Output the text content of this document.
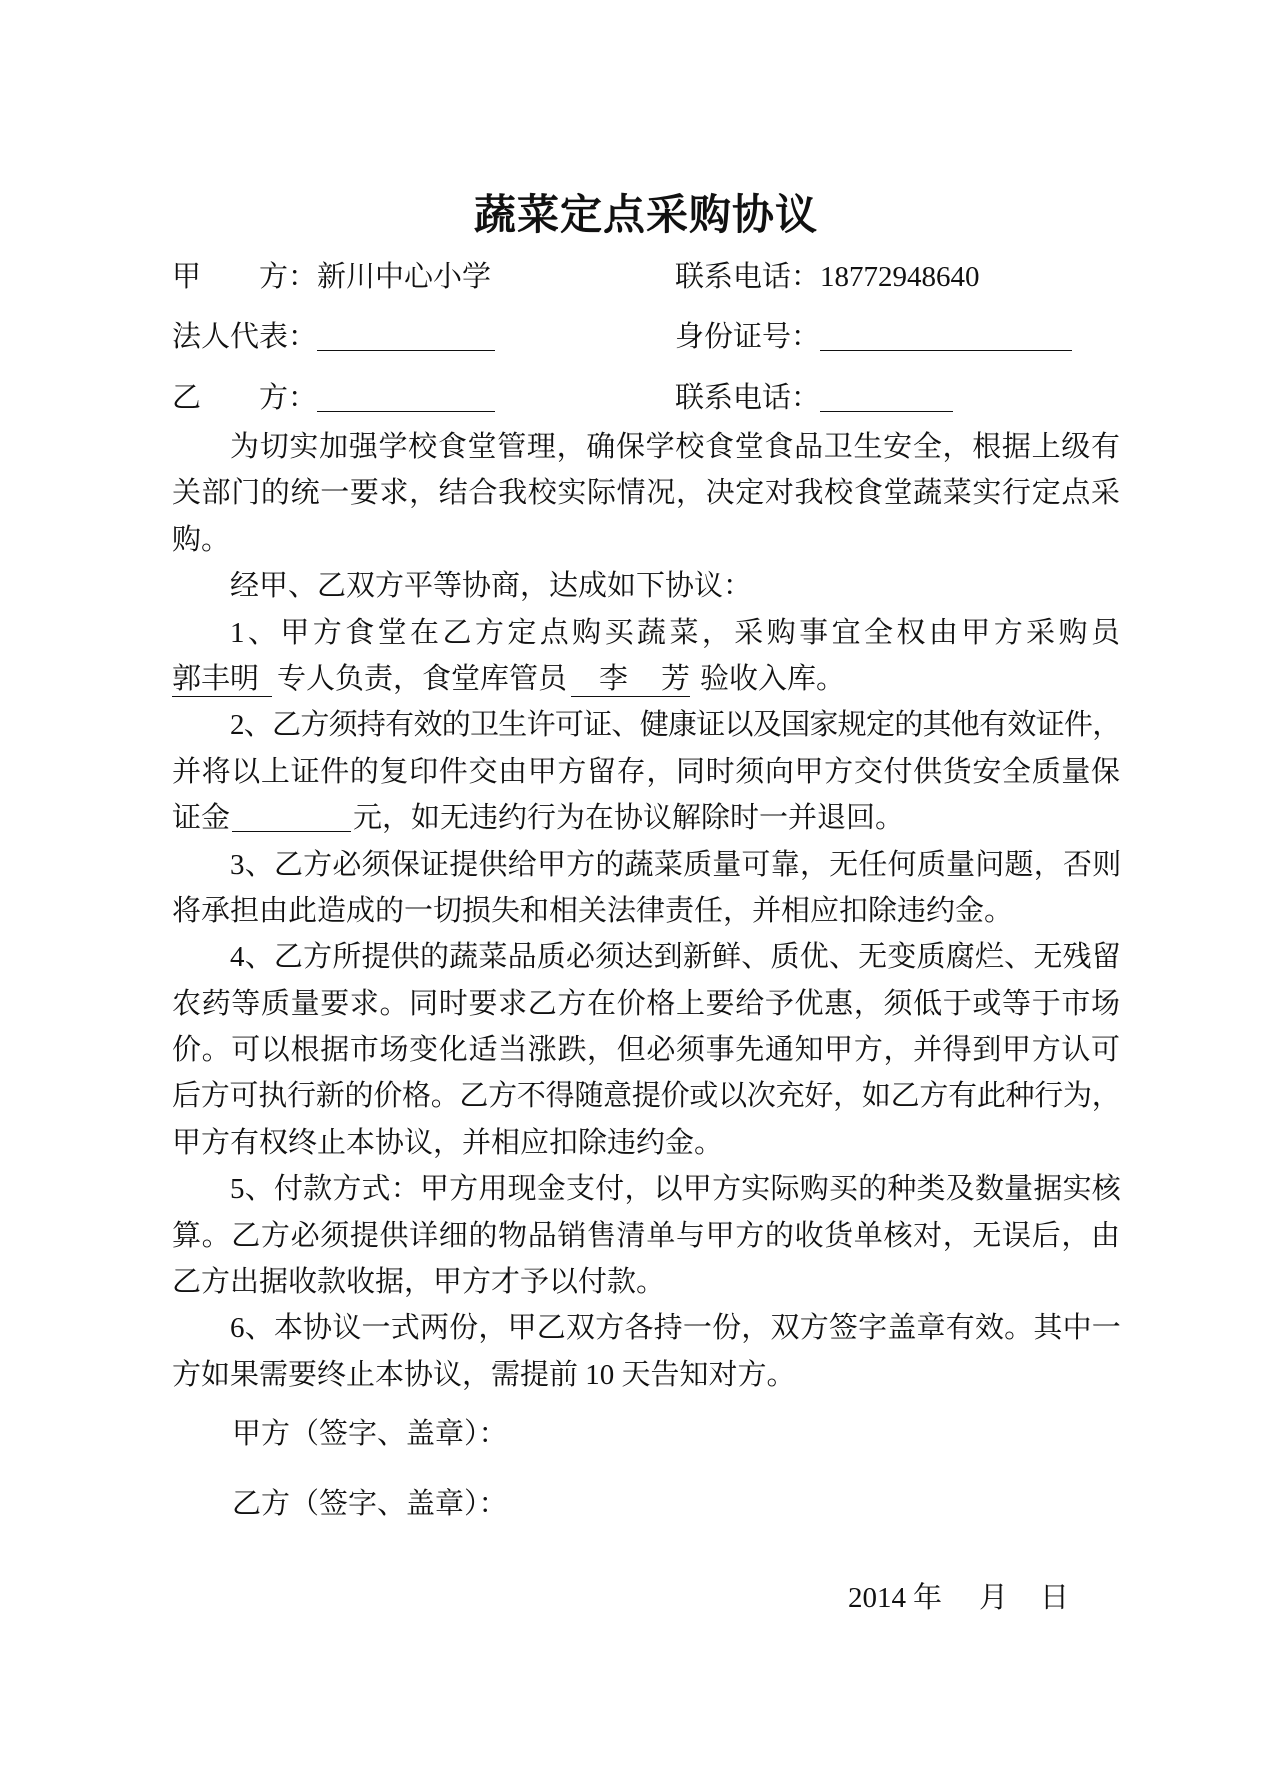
蔬菜定点采购协议
甲方：新川中心小学	联系电话：18772948640
法人代表：	身份证号：
乙方：	联系电话：
为切实加强学校食堂管理，确保学校食堂食品卫生安全，根据上级有
关部门的统一要求，结合我校实际情况，决定对我校食堂蔬菜实行定点采
购。
经甲、乙双方平等协商，达成如下协议：
1、甲方食堂在乙方定点购买蔬菜，采购事宜全权由甲方采购员
郭丰明 专人负责，食堂库管员 李 芳 验收入库。
2、乙方须持有效的卫生许可证、健康证以及国家规定的其他有效证件，
并将以上证件的复印件交由甲方留存，同时须向甲方交付供货安全质量保
证金	元，如无违约行为在协议解除时一并退回。
3、乙方必须保证提供给甲方的蔬菜质量可靠，无任何质量问题，否则
将承担由此造成的一切损失和相关法律责任，并相应扣除违约金。
4、乙方所提供的蔬菜品质必须达到新鲜、质优、无变质腐烂、无残留
农药等质量要求。同时要求乙方在价格上要给予优惠，须低于或等于市场
价。可以根据市场变化适当涨跌，但必须事先通知甲方，并得到甲方认可
后方可执行新的价格。乙方不得随意提价或以次充好，如乙方有此种行为，
甲方有权终止本协议，并相应扣除违约金。
5、付款方式：甲方用现金支付，以甲方实际购买的种类及数量据实核
算。乙方必须提供详细的物品销售清单与甲方的收货单核对，无误后，由
乙方出据收款收据，甲方才予以付款。
6、本协议一式两份，甲乙双方各持一份，双方签字盖章有效。其中一
方如果需要终止本协议，需提前 10 天告知对方。
甲方（签字、盖章）：
乙方（签字、盖章）：
2014 年 月 日
